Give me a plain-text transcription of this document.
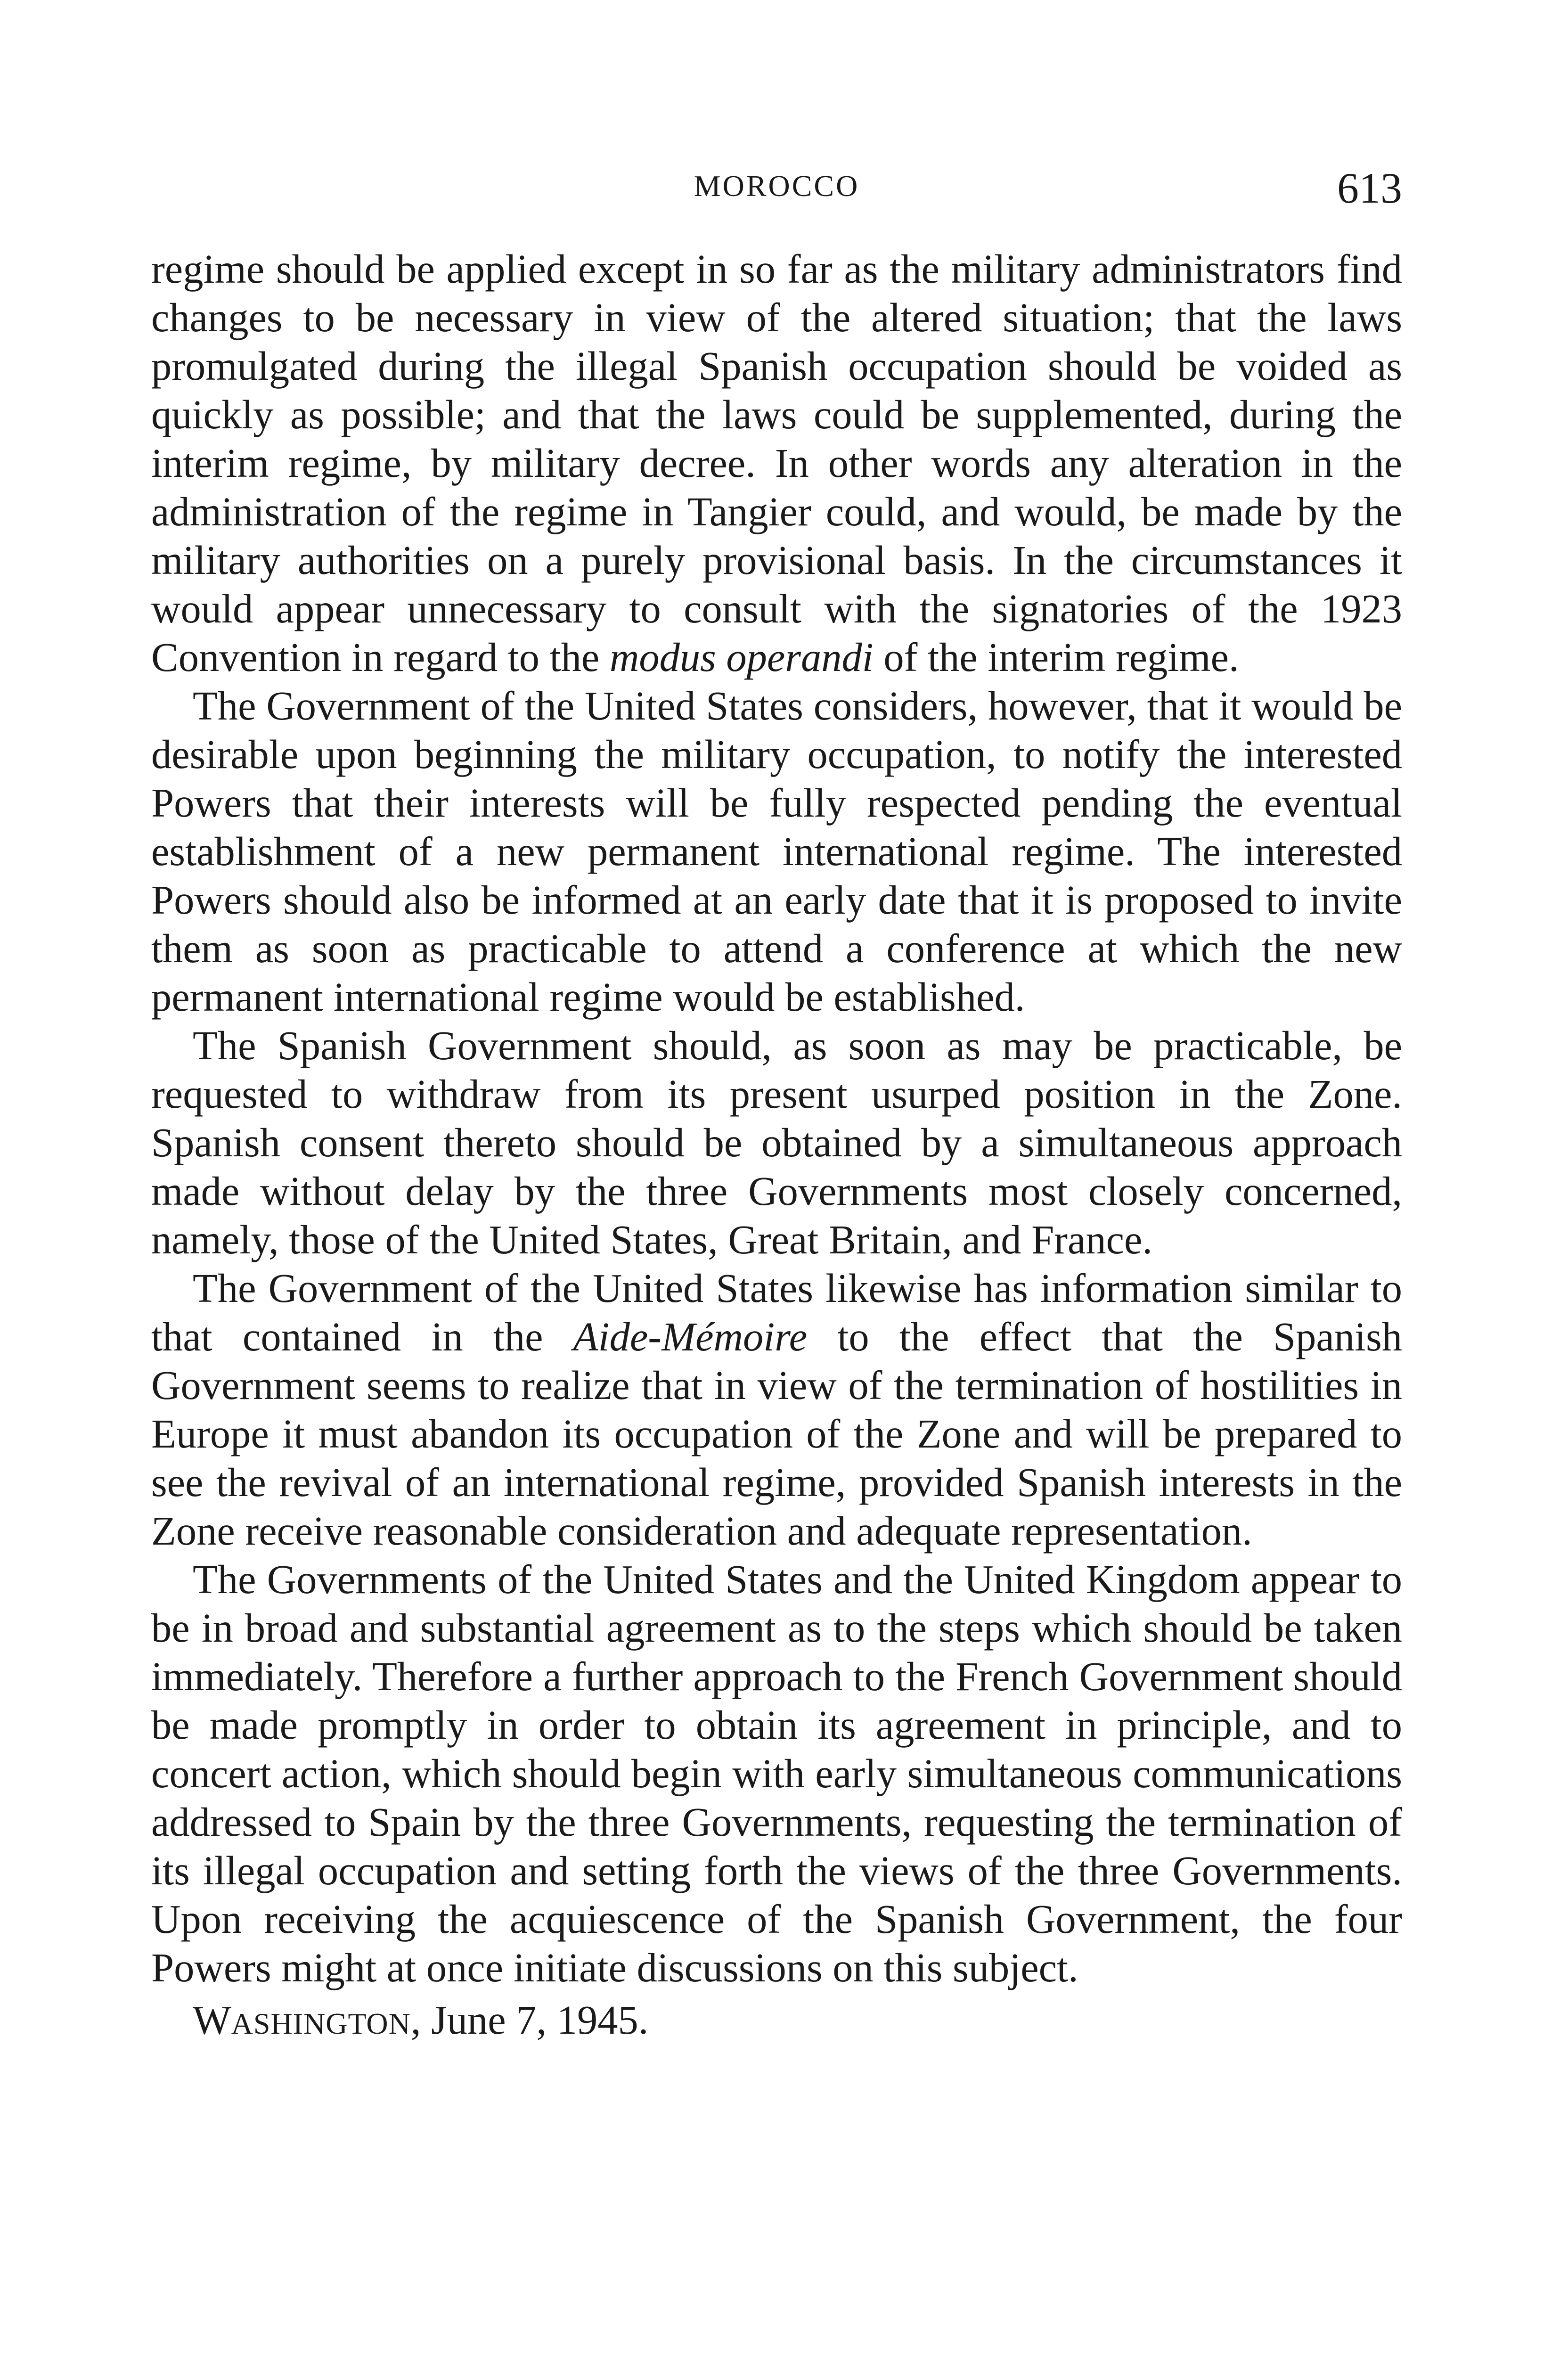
MOROCCO	613

regime should be applied except in so far as the military administrators find changes to be necessary in view of the altered situation; that the laws promulgated during the illegal Spanish occupation should be voided as quickly as possible; and that the laws could be supplemented, during the interim regime, by military decree. In other words any alteration in the administration of the regime in Tangier could, and would, be made by the military authorities on a purely provisional basis. In the circumstances it would appear unnecessary to consult with the signatories of the 1923 Convention in regard to the modus operandi of the interim regime.

The Government of the United States considers, however, that it would be desirable upon beginning the military occupation, to notify the interested Powers that their interests will be fully respected pending the eventual establishment of a new permanent international regime. The interested Powers should also be informed at an early date that it is proposed to invite them as soon as practicable to attend a conference at which the new permanent international regime would be established.

The Spanish Government should, as soon as may be practicable, be requested to withdraw from its present usurped position in the Zone. Spanish consent thereto should be obtained by a simultaneous approach made without delay by the three Governments most closely concerned, namely, those of the United States, Great Britain, and France.

The Government of the United States likewise has information similar to that contained in the Aide-Mémoire to the effect that the Spanish Government seems to realize that in view of the termination of hostilities in Europe it must abandon its occupation of the Zone and will be prepared to see the revival of an international regime, provided Spanish interests in the Zone receive reasonable consideration and adequate representation.

The Governments of the United States and the United Kingdom appear to be in broad and substantial agreement as to the steps which should be taken immediately. Therefore a further approach to the French Government should be made promptly in order to obtain its agreement in principle, and to concert action, which should begin with early simultaneous communications addressed to Spain by the three Governments, requesting the termination of its illegal occupation and setting forth the views of the three Governments. Upon receiving the acquiescence of the Spanish Government, the four Powers might at once initiate discussions on this subject.

WASHINGTON, June 7, 1945.
